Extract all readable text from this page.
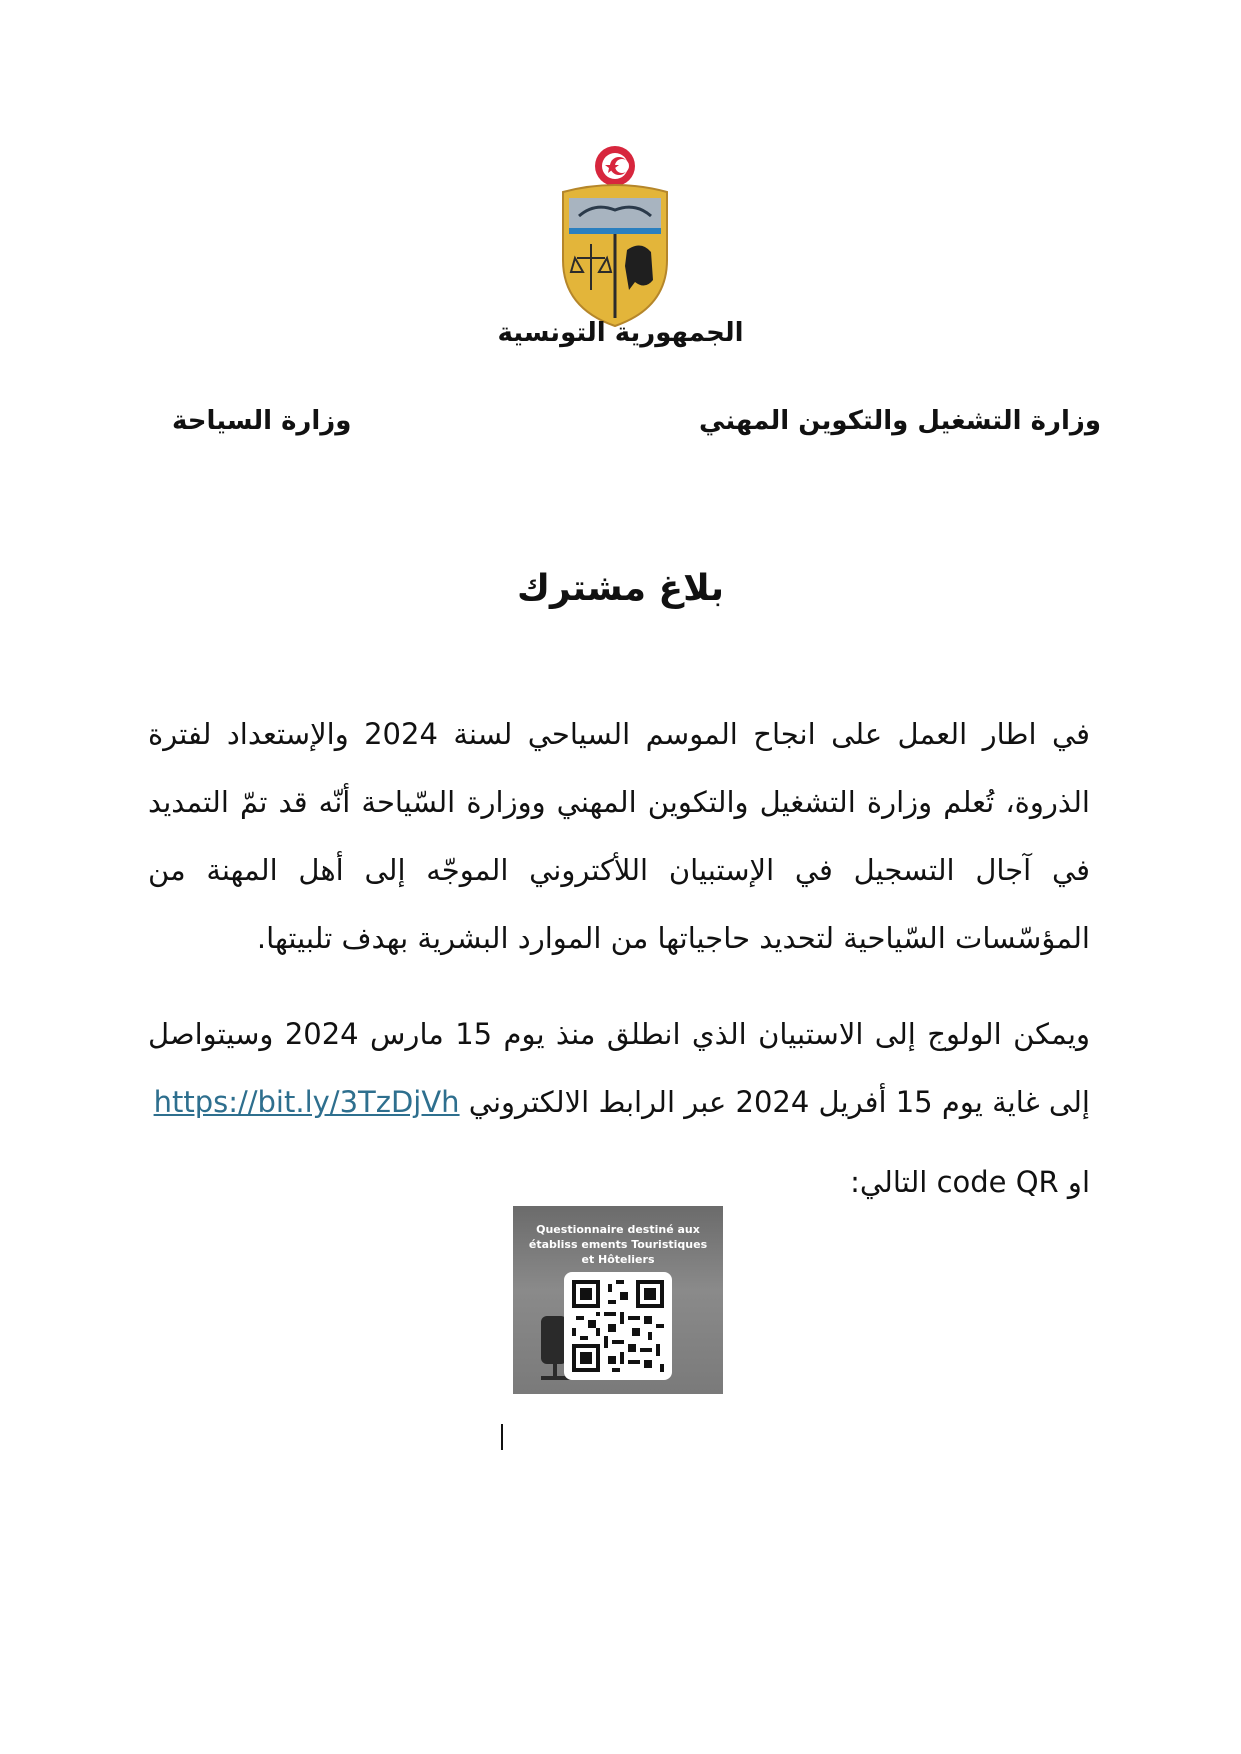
الجمهورية التونسية
وزارة التشغيل والتكوين المهني
وزارة السياحة
بلاغ مشترك
في اطار العمل على انجاح الموسم السياحي لسنة 2024 والإستعداد لفترة الذروة، تُعلم وزارة التشغيل والتكوين المهني ووزارة السّياحة أنّه قد تمّ التمديد في آجال التسجيل في الإستبيان اللأكتروني الموجّه إلى أهل المهنة من المؤسّسات السّياحية لتحديد حاجياتها من الموارد البشرية بهدف تلبيتها.
ويمكن الولوج إلى الاستبيان الذي انطلق منذ يوم 15 مارس 2024 وسيتواصل إلى غاية يوم 15 أفريل 2024 عبر الرابط الالكتروني https://bit.ly/3TzDjVh
او code QR التالي:
Questionnaire destiné aux établiss ements Touristiques et Hôteliers
